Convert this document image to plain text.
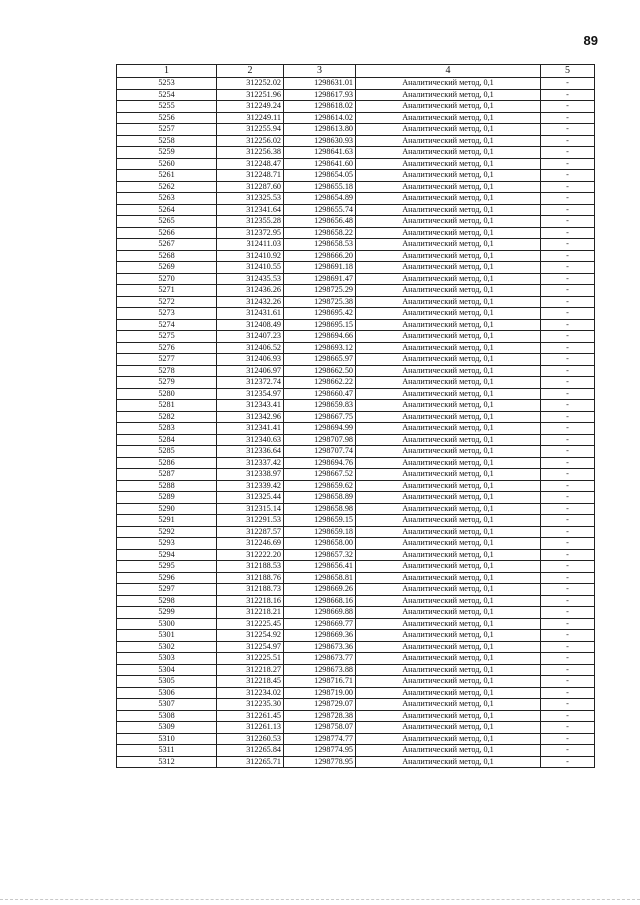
89
1	2	3	4	5
5253	312252.02	1298631.01	Аналитический метод, 0,1	-
5254	312251.96	1298617.93	Аналитический метод, 0,1	-
5255	312249.24	1298618.02	Аналитический метод, 0,1	-
5256	312249.11	1298614.02	Аналитический метод, 0,1	-
5257	312255.94	1298613.80	Аналитический метод, 0,1	-
5258	312256.02	1298630.93	Аналитический метод, 0,1	-
5259	312256.38	1298641.63	Аналитический метод, 0,1	-
5260	312248.47	1298641.60	Аналитический метод, 0,1	-
5261	312248.71	1298654.05	Аналитический метод, 0,1	-
5262	312287.60	1298655.18	Аналитический метод, 0,1	-
5263	312325.53	1298654.89	Аналитический метод, 0,1	-
5264	312341.64	1298655.74	Аналитический метод, 0,1	-
5265	312355.28	1298656.48	Аналитический метод, 0,1	-
5266	312372.95	1298658.22	Аналитический метод, 0,1	-
5267	312411.03	1298658.53	Аналитический метод, 0,1	-
5268	312410.92	1298666.20	Аналитический метод, 0,1	-
5269	312410.55	1298691.18	Аналитический метод, 0,1	-
5270	312435.53	1298691.47	Аналитический метод, 0,1	-
5271	312436.26	1298725.29	Аналитический метод, 0,1	-
5272	312432.26	1298725.38	Аналитический метод, 0,1	-
5273	312431.61	1298695.42	Аналитический метод, 0,1	-
5274	312408.49	1298695.15	Аналитический метод, 0,1	-
5275	312407.23	1298694.66	Аналитический метод, 0,1	-
5276	312406.52	1298693.12	Аналитический метод, 0,1	-
5277	312406.93	1298665.97	Аналитический метод, 0,1	-
5278	312406.97	1298662.50	Аналитический метод, 0,1	-
5279	312372.74	1298662.22	Аналитический метод, 0,1	-
5280	312354.97	1298660.47	Аналитический метод, 0,1	-
5281	312343.41	1298659.83	Аналитический метод, 0,1	-
5282	312342.96	1298667.75	Аналитический метод, 0,1	-
5283	312341.41	1298694.99	Аналитический метод, 0,1	-
5284	312340.63	1298707.98	Аналитический метод, 0,1	-
5285	312336.64	1298707.74	Аналитический метод, 0,1	-
5286	312337.42	1298694.76	Аналитический метод, 0,1	-
5287	312338.97	1298667.52	Аналитический метод, 0,1	-
5288	312339.42	1298659.62	Аналитический метод, 0,1	-
5289	312325.44	1298658.89	Аналитический метод, 0,1	-
5290	312315.14	1298658.98	Аналитический метод, 0,1	-
5291	312291.53	1298659.15	Аналитический метод, 0,1	-
5292	312287.57	1298659.18	Аналитический метод, 0,1	-
5293	312246.69	1298658.00	Аналитический метод, 0,1	-
5294	312222.20	1298657.32	Аналитический метод, 0,1	-
5295	312188.53	1298656.41	Аналитический метод, 0,1	-
5296	312188.76	1298658.81	Аналитический метод, 0,1	-
5297	312188.73	1298669.26	Аналитический метод, 0,1	-
5298	312218.16	1298668.16	Аналитический метод, 0,1	-
5299	312218.21	1298669.88	Аналитический метод, 0,1	-
5300	312225.45	1298669.77	Аналитический метод, 0,1	-
5301	312254.92	1298669.36	Аналитический метод, 0,1	-
5302	312254.97	1298673.36	Аналитический метод, 0,1	-
5303	312225.51	1298673.77	Аналитический метод, 0,1	-
5304	312218.27	1298673.88	Аналитический метод, 0,1	-
5305	312218.45	1298716.71	Аналитический метод, 0,1	-
5306	312234.02	1298719.00	Аналитический метод, 0,1	-
5307	312235.30	1298729.07	Аналитический метод, 0,1	-
5308	312261.45	1298728.38	Аналитический метод, 0,1	-
5309	312261.13	1298758.07	Аналитический метод, 0,1	-
5310	312260.53	1298774.77	Аналитический метод, 0,1	-
5311	312265.84	1298774.95	Аналитический метод, 0,1	-
5312	312265.71	1298778.95	Аналитический метод, 0,1	-
